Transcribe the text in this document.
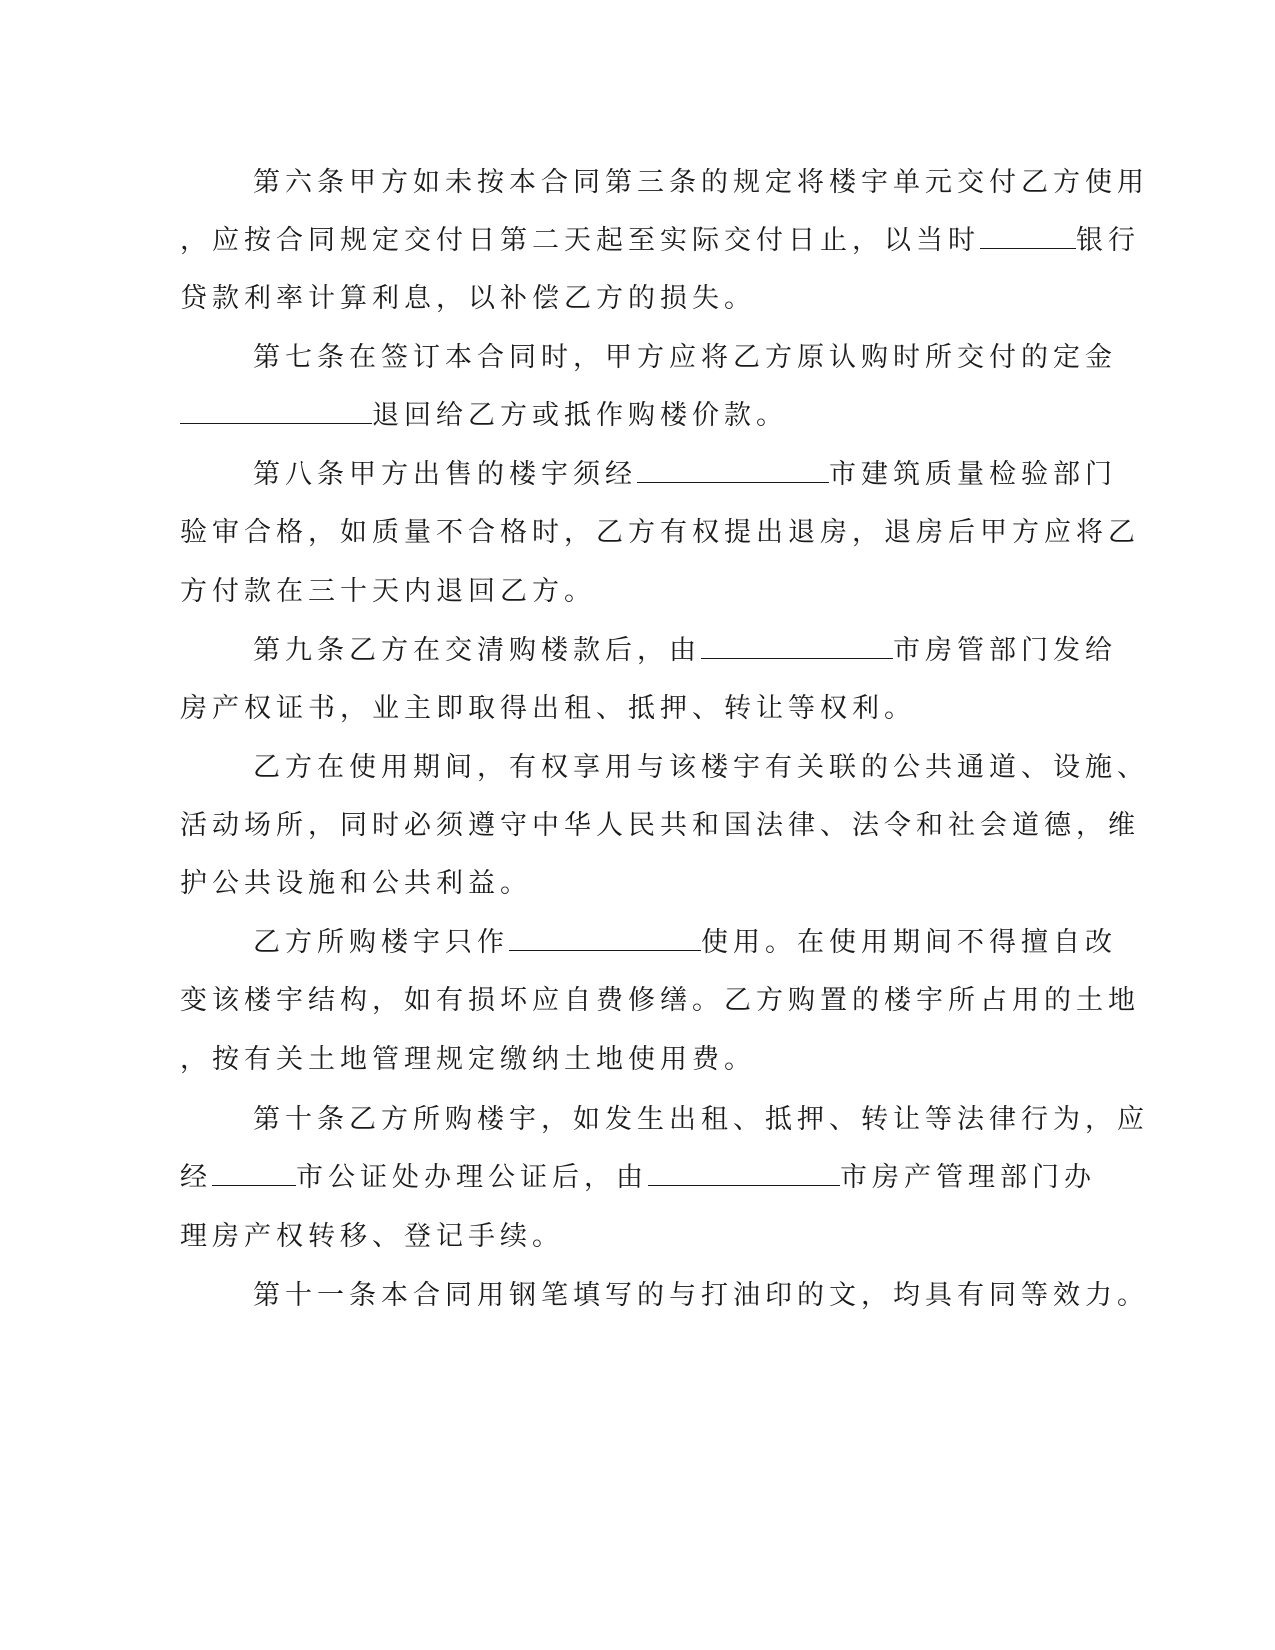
第六条甲方如未按本合同第三条的规定将楼宇单元交付乙方使用
，应按合同规定交付日第二天起至实际交付日止，以当时	银行
贷款利率计算利息，以补偿乙方的损失。
第七条在签订本合同时，甲方应将乙方原认购时所交付的定金
退回给乙方或抵作购楼价款。
第八条甲方出售的楼宇须经	市建筑质量检验部门
验审合格，如质量不合格时，乙方有权提出退房，退房后甲方应将乙
方付款在三十天内退回乙方。
第九条乙方在交清购楼款后，由	市房管部门发给
房产权证书，业主即取得出租、抵押、转让等权利。
乙方在使用期间，有权享用与该楼宇有关联的公共通道、设施、
活动场所，同时必须遵守中华人民共和国法律、法令和社会道德，维
护公共设施和公共利益。
乙方所购楼宇只作	使用。在使用期间不得擅自改
变该楼宇结构，如有损坏应自费修缮。乙方购置的楼宇所占用的土地
，按有关土地管理规定缴纳土地使用费。
第十条乙方所购楼宇，如发生出租、抵押、转让等法律行为，应
经	市公证处办理公证后，由	市房产管理部门办
理房产权转移、登记手续。
第十一条本合同用钢笔填写的与打油印的文，均具有同等效力。
